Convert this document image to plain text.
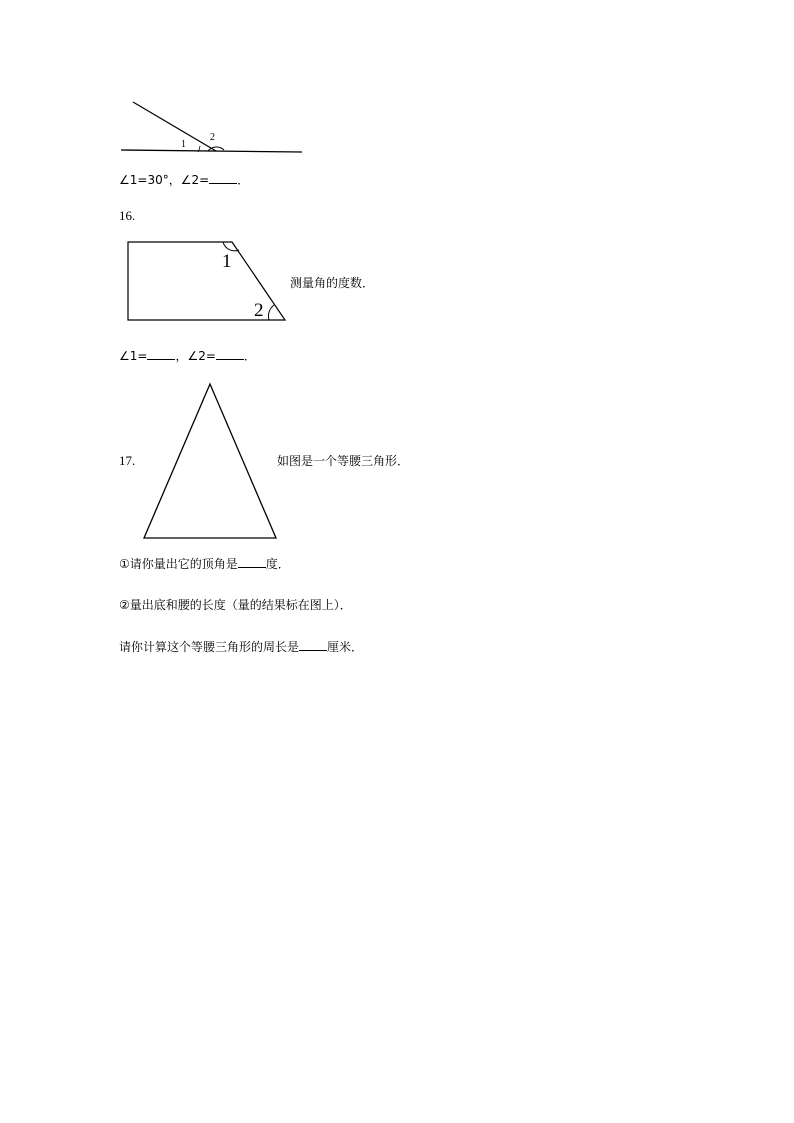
1
2
∠1=30°，∠2= ．
16.
1
2
测量角的度数．
∠1= ，∠2= ．
17.	如图是一个等腰三角形．
①请你量出它的顶角是 度．
②量出底和腰的长度（量的结果标在图上）．
请你计算这个等腰三角形的周长是 厘米．
